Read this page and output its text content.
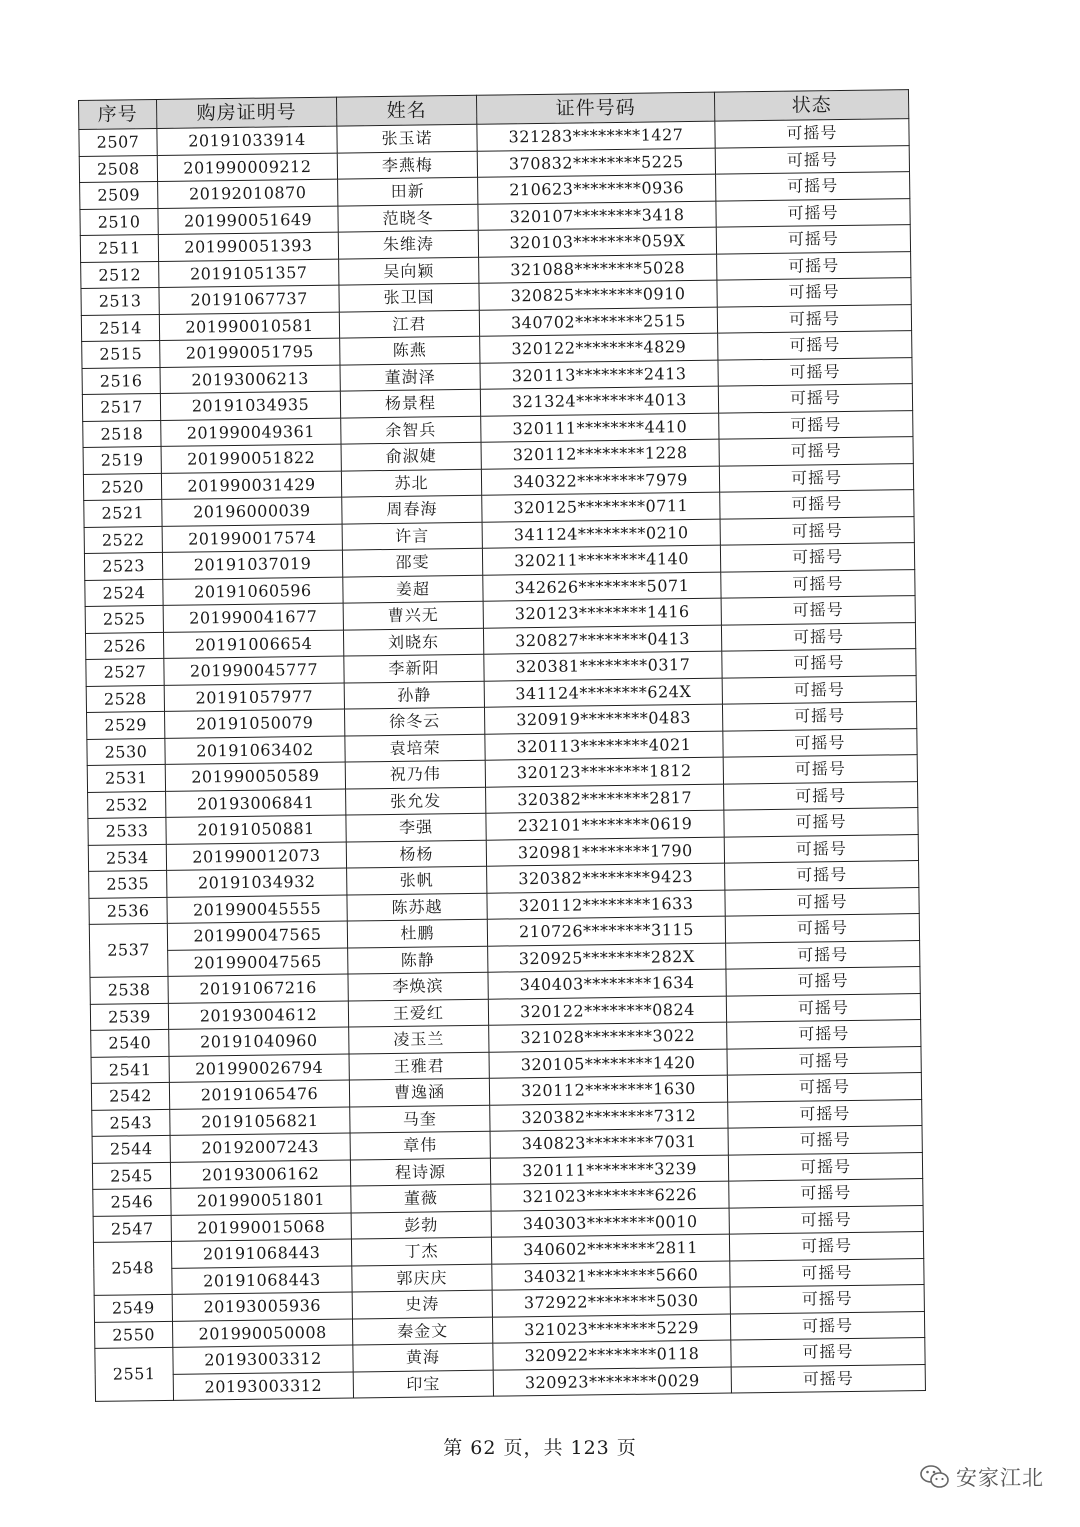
序号	购房证明号	姓名	证件号码	状态
2507	20191033914	张玉诺	321283********1427	可摇号
2508	201990009212	李燕梅	370832********5225	可摇号
2509	20192010870	田新	210623********0936	可摇号
2510	201990051649	范晓冬	320107********3418	可摇号
2511	201990051393	朱维涛	320103********059X	可摇号
2512	20191051357	吴向颖	321088********5028	可摇号
2513	20191067737	张卫国	320825********0910	可摇号
2514	201990010581	江君	340702********2515	可摇号
2515	201990051795	陈燕	320122********4829	可摇号
2516	20193006213	董澍泽	320113********2413	可摇号
2517	20191034935	杨景程	321324********4013	可摇号
2518	201990049361	余智兵	320111********4410	可摇号
2519	201990051822	俞淑婕	320112********1228	可摇号
2520	201990031429	苏北	340322********7979	可摇号
2521	20196000039	周春海	320125********0711	可摇号
2522	201990017574	许言	341124********0210	可摇号
2523	20191037019	邵雯	320211********4140	可摇号
2524	20191060596	姜超	342626********5071	可摇号
2525	201990041677	曹兴无	320123********1416	可摇号
2526	20191006654	刘晓东	320827********0413	可摇号
2527	201990045777	李新阳	320381********0317	可摇号
2528	20191057977	孙静	341124********624X	可摇号
2529	20191050079	徐冬云	320919********0483	可摇号
2530	20191063402	袁培荣	320113********4021	可摇号
2531	201990050589	祝乃伟	320123********1812	可摇号
2532	20193006841	张允发	320382********2817	可摇号
2533	20191050881	李强	232101********0619	可摇号
2534	201990012073	杨杨	320981********1790	可摇号
2535	20191034932	张帆	320382********9423	可摇号
2536	201990045555	陈苏越	320112********1633	可摇号
2537	201990047565	杜鹏	210726********3115	可摇号
	201990047565	陈静	320925********282X	可摇号
2538	20191067216	李焕滨	340403********1634	可摇号
2539	20193004612	王爱红	320122********0824	可摇号
2540	20191040960	凌玉兰	321028********3022	可摇号
2541	201990026794	王雅君	320105********1420	可摇号
2542	20191065476	曹逸涵	320112********1630	可摇号
2543	20191056821	马奎	320382********7312	可摇号
2544	20192007243	章伟	340823********7031	可摇号
2545	20193006162	程诗源	320111********3239	可摇号
2546	201990051801	董薇	321023********6226	可摇号
2547	201990015068	彭勃	340303********0010	可摇号
2548	20191068443	丁杰	340602********2811	可摇号
	20191068443	郭庆庆	340321********5660	可摇号
2549	20193005936	史涛	372922********5030	可摇号
2550	201990050008	秦金文	321023********5229	可摇号
2551	20193003312	黄海	320922********0118	可摇号
	20193003312	印宝	320923********0029	可摇号
第 62 页，共 123 页
安家江北
